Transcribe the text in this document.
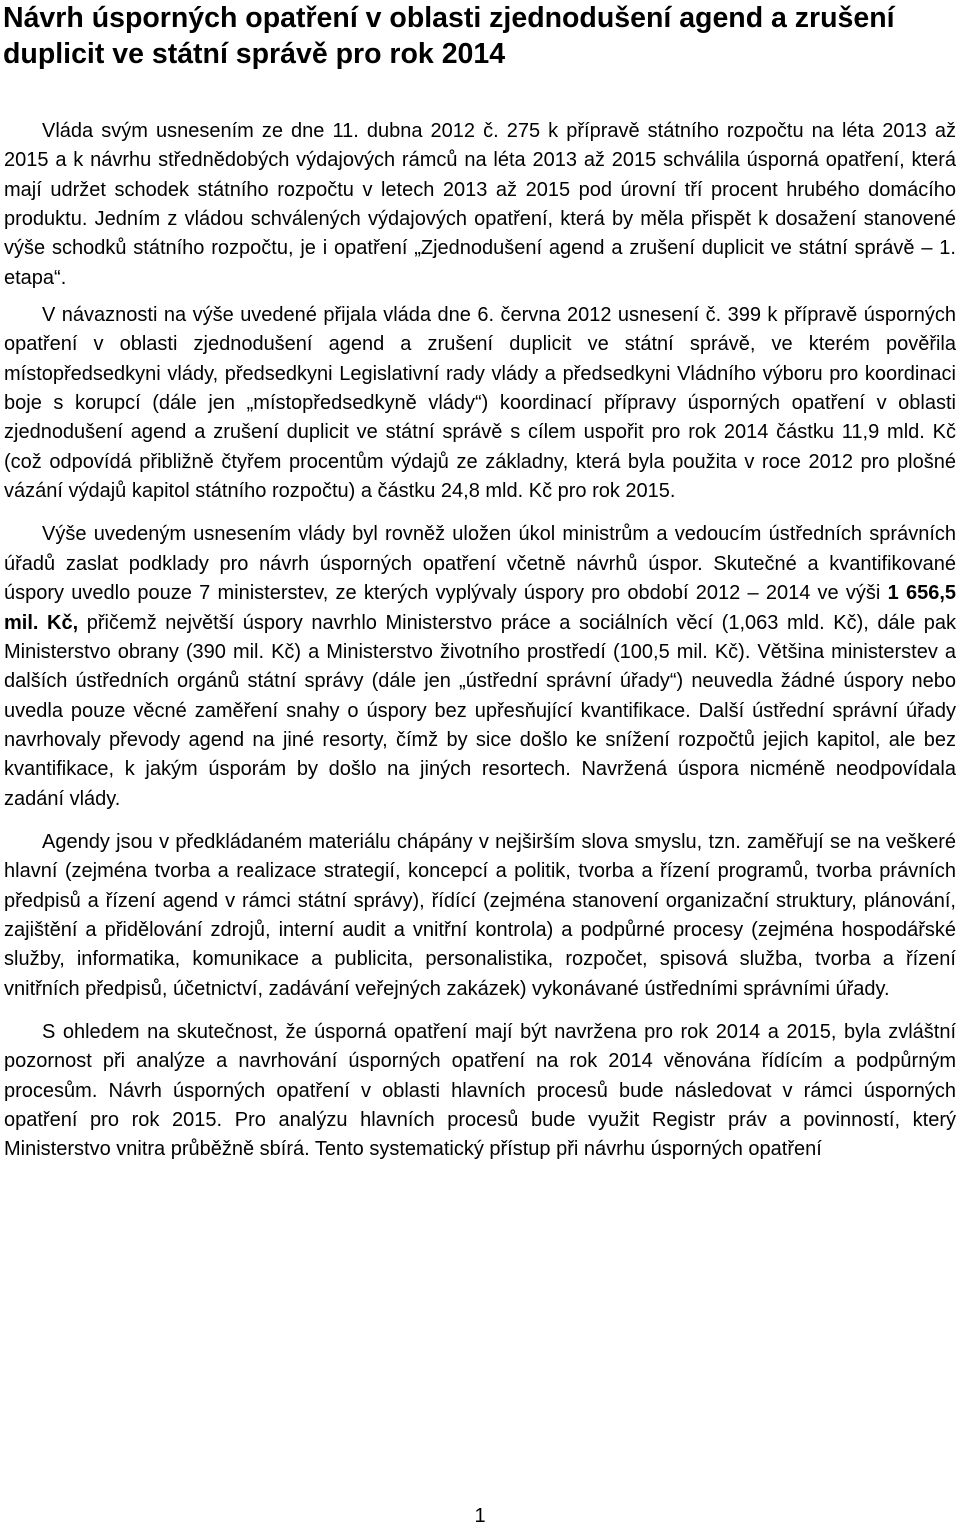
Návrh úsporných opatření v oblasti zjednodušení agend a zrušení duplicit ve státní správě pro rok 2014

Vláda svým usnesením ze dne 11. dubna 2012 č. 275 k přípravě státního rozpočtu na léta 2013 až 2015 a k návrhu střednědobých výdajových rámců na léta 2013 až 2015 schválila úsporná opatření, která mají udržet schodek státního rozpočtu v letech 2013 až 2015 pod úrovní tří procent hrubého domácího produktu. Jedním z vládou schválených výdajových opatření, která by měla přispět k dosažení stanovené výše schodků státního rozpočtu, je i opatření „Zjednodušení agend a zrušení duplicit ve státní správě – 1. etapa“.

V návaznosti na výše uvedené přijala vláda dne 6. června 2012 usnesení č. 399 k přípravě úsporných opatření v oblasti zjednodušení agend a zrušení duplicit ve státní správě, ve kterém pověřila místopředsedkyni vlády, předsedkyni Legislativní rady vlády a předsedkyni Vládního výboru pro koordinaci boje s korupcí (dále jen „místopředsedkyně vlády“) koordinací přípravy úsporných opatření v oblasti zjednodušení agend a zrušení duplicit ve státní správě s cílem uspořit pro rok 2014 částku 11,9 mld. Kč (což odpovídá přibližně čtyřem procentům výdajů ze základny, která byla použita v roce 2012 pro plošné vázání výdajů kapitol státního rozpočtu) a částku 24,8 mld. Kč pro rok 2015.

Výše uvedeným usnesením vlády byl rovněž uložen úkol ministrům a vedoucím ústředních správních úřadů zaslat podklady pro návrh úsporných opatření včetně návrhů úspor. Skutečné a kvantifikované úspory uvedlo pouze 7 ministerstev, ze kterých vyplývaly úspory pro období 2012 – 2014 ve výši 1 656,5 mil. Kč, přičemž největší úspory navrhlo Ministerstvo práce a sociálních věcí (1,063 mld. Kč), dále pak Ministerstvo obrany (390 mil. Kč) a Ministerstvo životního prostředí (100,5 mil. Kč). Většina ministerstev a dalších ústředních orgánů státní správy (dále jen „ústřední správní úřady“) neuvedla žádné úspory nebo uvedla pouze věcné zaměření snahy o úspory bez upřesňující kvantifikace. Další ústřední správní úřady navrhovaly převody agend na jiné resorty, čímž by sice došlo ke snížení rozpočtů jejich kapitol, ale bez kvantifikace, k jakým úsporám by došlo na jiných resortech. Navržená úspora nicméně neodpovídala zadání vlády.

Agendy jsou v předkládaném materiálu chápány v nejširším slova smyslu, tzn. zaměřují se na veškeré hlavní (zejména tvorba a realizace strategií, koncepcí a politik, tvorba a řízení programů, tvorba právních předpisů a řízení agend v rámci státní správy), řídící (zejména stanovení organizační struktury, plánování, zajištění a přidělování zdrojů, interní audit a vnitřní kontrola) a podpůrné procesy (zejména hospodářské služby, informatika, komunikace a publicita, personalistika, rozpočet, spisová služba, tvorba a řízení vnitřních předpisů, účetnictví, zadávání veřejných zakázek) vykonávané ústředními správními úřady.

S ohledem na skutečnost, že úsporná opatření mají být navržena pro rok 2014 a 2015, byla zvláštní pozornost při analýze a navrhování úsporných opatření na rok 2014 věnována řídícím a podpůrným procesům. Návrh úsporných opatření v oblasti hlavních procesů bude následovat v rámci úsporných opatření pro rok 2015. Pro analýzu hlavních procesů bude využit Registr práv a povinností, který Ministerstvo vnitra průběžně sbírá. Tento systematický přístup při návrhu úsporných opatření

1
